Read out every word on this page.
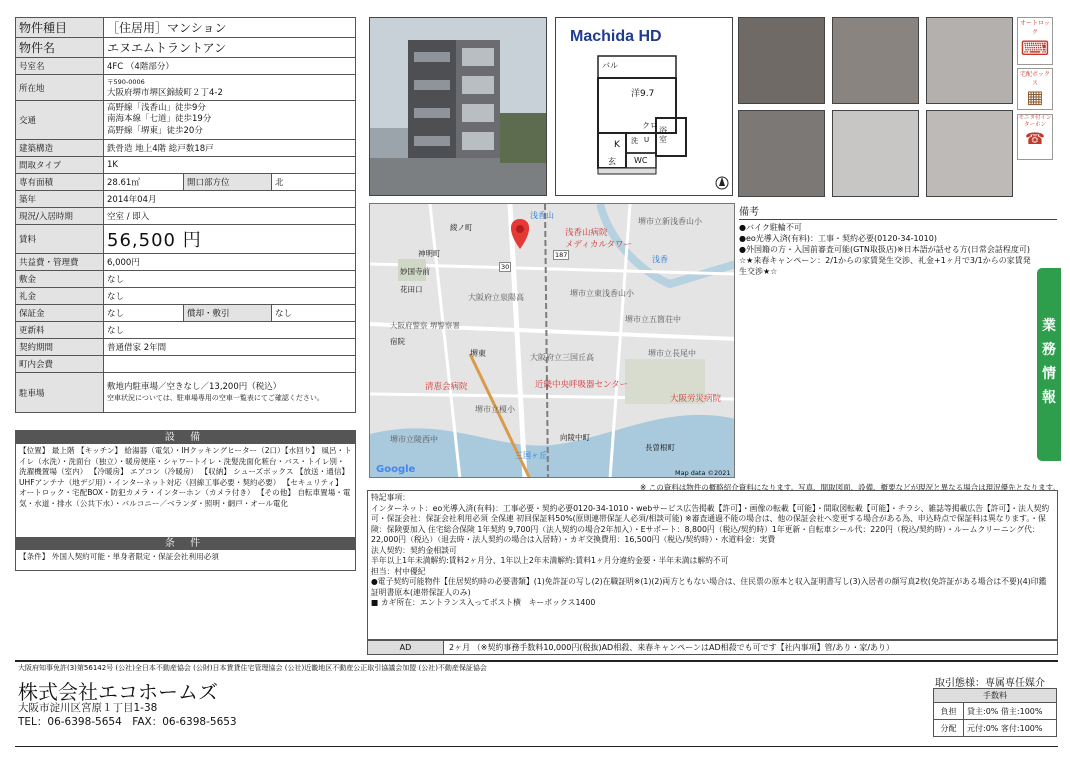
物件種目	［住居用］マンション		
物件名	エヌエムトラントアン		
号室名	4FC （4階部分）		
所在地	〒590-0006
大阪府堺市堺区錦綾町２丁4-2		

交通	高野線「浅香山」徒歩9分
南海本線「七道」徒歩19分
高野線「堺東」徒歩20分		

建築構造	鉄骨造 地上4階 総戸数18戸		
間取タイプ	1K		
専有面積	28.61㎡	開口部方位	北
築年	2014年04月		
現況/入居時期	空室 / 即入		
賃料	56,500 円		
共益費・管理費	6,000円		
敷金	なし		
礼金	なし		
保証金	なし	償却・敷引	なし
更新料	なし		
契約期間	普通借家 2年間		
町内会費			
駐車場	敷地内駐車場／空きなし／13,200円（税込）
空車状況については、駐車場専用の空車一覧表にてご確認ください。		
設 備
【位置】 最上階 【キッチン】 給湯器（電気）・IHクッキングヒーター（2口）【水回り】 風呂・トイレ（水洗）・洗面台（独立）・暖房便座・シャワートイレ・洗髪洗面化粧台・バス・トイレ別・洗濯機置場（室内） 【冷暖房】 エアコン（冷暖房） 【収納】 シューズボックス 【放送・通信】 UHFアンテナ（地デジ用）・インターネット対応（回線工事必要・契約必要） 【セキュリティ】 オートロック・宅配BOX・防犯カメラ・インターホン（カメラ付き） 【その他】 自転車置場・電気・水道・排水（公共下水）・バルコニー／ベランダ・照明・網戸・オール電化
条 件
【条件】 外国人契約可能・単身者限定・保証会社利用必須
Machida HD
バル
洋9.7
クロ
K
浴室
玄 WC
洗 U
オートロック
⌨
宅配ボックス
▦
モニタ付インターホン
☎
浅香山
浅香山病院
メディカルタワー
堺市立新浅香山小
浅香
綾ノ町
神明町
妙国寺前
花田口
大阪府立泉陽高	堺市立東浅香山小
堺市立五箇荘中
大阪府警察 堺警察署
宿院
堺東	大阪府立三国丘高	堺市立長尾中
清恵会病院	近畿中央呼吸器センター
大阪労災病院
堺市立陵西中
堺市立榎小
向陵中町
三国ヶ丘
長曽根町
Google	Map data ©2021
30
187
備考
●バイク駐輪不可
●eo光導入済(有料)：工事・契約必要(0120-34-1010)
●外国籍の方・入国前審査可能(GTN取扱店)※日本語が話せる方(日常会話程度可)
☆★来春キャンペーン：2/1からの家賃発生交渉、礼金+1ヶ月で3/1からの家賃発生交渉★☆
業
務
情
報
※ この資料は物件の概略紹介資料になります。写真、間取図面、設備、概要などが現況と異なる場合は現況優先となります。
特記事項：
インターネット：eo光導入済(有料)：工事必要・契約必要0120-34-1010・webサービス広告掲載【許可】・画像の転載【可能】・間取図転載【可能】・チラシ、雑誌等掲載広告【許可】・法人契約可・保証会社：保証会社利用必須 全保連 初回保証料50%(原則連帯保証人必須/相談可能) ※審査通過不能の場合は、他の保証会社へ変更する場合がある為、申込時点で保証料は異なります。・保険：保険要加入 住宅総合保険 1年契約 9,700円（法人契約の場合2年加入）・Eサポート：8,800円（税込/契約時）1年更新・自転車シール代：220円（税込/契約時）・ルームクリーニング代：22,000円（税込）（退去時・法人契約の場合は入居時）・カギ交換費用：16,500円（税込/契約時）・水道料金：実費
法人契約：契約金相談可
半年以上1年未満解約:賃料2ヶ月分、1年以上2年未満解約:賃料1ヶ月分違約金要・半年未満は解約不可
担当：村中優紀
●電子契約可能物件【住居契約時の必要書類】(1)免許証の写し(2)在職証明※(1)(2)両方ともない場合は、住民票の原本と収入証明書写し(3)入居者の顔写真2枚(免許証がある場合は不要)(4)印鑑証明書原本(連帯保証人のみ)
■ カギ所在：エントランス入ってポスト横　キーボックス1400
AD	2ヶ月 （※契約事務手数料10,000円(税抜)AD相殺、来春キャンペーンはAD相殺でも可です【社内事項】管/あり・家/あり）
大阪府知事免許(3)第56142号 (公社)全日本不動産協会 (公財)日本賃貸住宅管理協会 (公社)近畿地区不動産公正取引協議会加盟 (公社)不動産保証協会
株式会社エコホームズ
大阪市淀川区宮原１丁目1-38
TEL：06-6398-5654　FAX：06-6398-5653
取引態様：専属専任媒介
手数料	
負担	貸主:0% 借主:100%
分配	元付:0% 客付:100%
